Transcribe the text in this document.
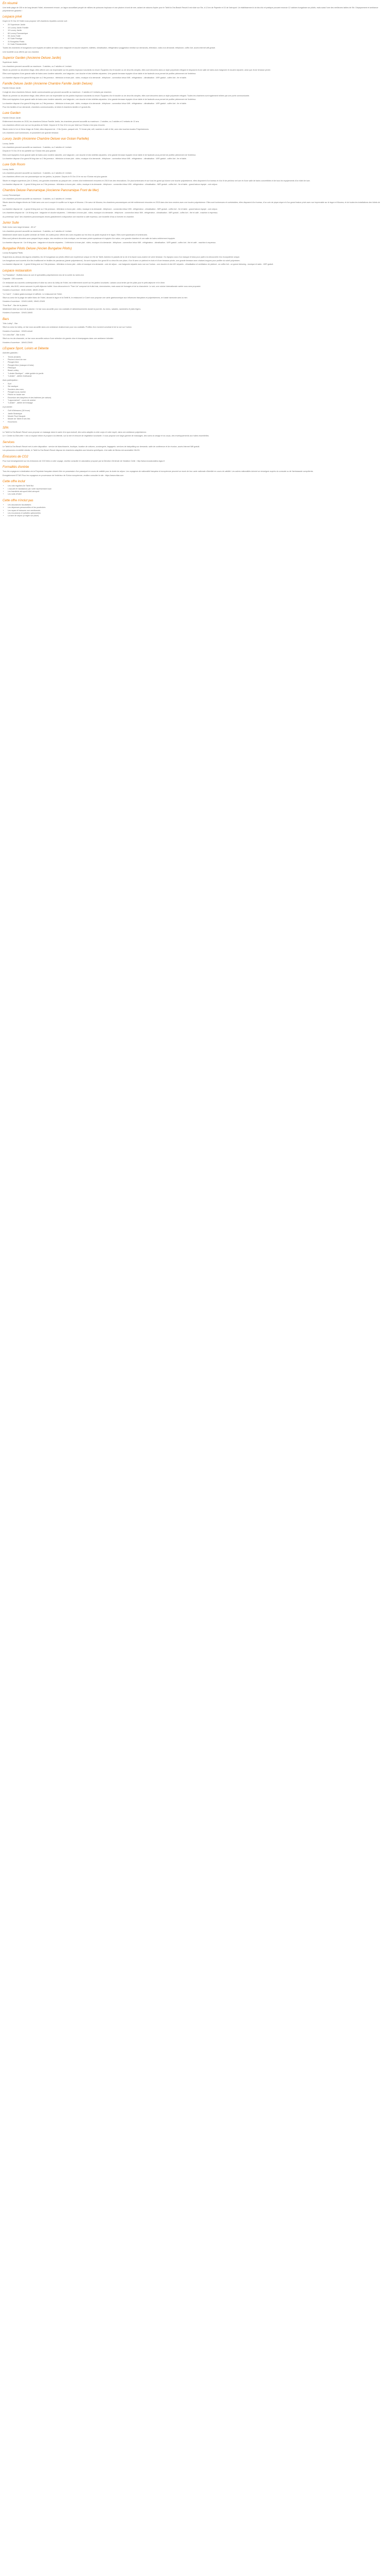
En résumé

Une belle plage de 150 m de long devant l'hôtel, récemment rénové, un lagon accueillant peuplé de milliers de poissons tropicaux et une piscine à bord de mer, autant de raisons d'opter pour le Tahiti Ia Ora Beach Resort.Il est situé sur l'île, à 12 km de Papeete et 10 de l'aéroport. Un établissement à la fois chic et pratique pouvant recevoir 12 cabines bungalows sur pilotis, mais aussi l'une des meilleures tables de l'île. Dépaysement et ambiance polynésienne garantis !

Lespace privé

Doyen le l'Il Ora 19 l'hôtel vous propose 149 chambres réparties comme suit :

• 20 Superieure Jardin
• 10 Luxury Jardin Famille
• 10 Luxury Jardin
• 60 Luxury Panoramique
• 06 Junior Suite
• 02 Suite Prestige
• 31 Bungalow Pilotis
• 01 Suite Présidentielle

Toutes les chambres et bungalows sont équipés de salles de bains avec baignoire et douche séparée, toilettes, climatisation, réfrigérateur (suggestion minibar sur demande), télévision, radio à la demande, téléphone, coffre-fort, accès internet wifi gratuit.

Une bouteille vous offerte par vos chambre.

Superior Garden (Ancienne Deluxe Jardin)

Supérieure Jardin

Les chambres peuvent accueillir au maximum : 3 adultes, ou 2 adultes et 1 enfant.

Située au premier ou deuxième étage, elles offrent une vue imprenable sur les jardins tropicaux luxuriants du resort. Équipées d'un lit double ou de deux lits simples, elles sont décorées dans un style polynésien élégant et disposent d'une salle de bains avec baignoire et douche séparée, ainsi que d'une terrasse privée.

Elles sont équipées d'une grande salle de bains avec lumière naturelle, une baignoire, une douche et des toilettes séparées. Une grande terrasse équipée d'une table et de fauteuils vous permet de profiter pleinement de l'extérieur.

La chambre dispose d'un grand lit king size ou 2 lits jumeaux - télévision à écran plat - vidéo, musique à la demande - téléphone - connection leisur Wifi - réfrigérateur - climatisation - WiFi gratuit - coffre-fort - fer et table.

Famille Deluxe Jardin (Ancienne Chambre Famille Jardin Deluxe)

Famille Deluxe Jardin

Il s'agit de deux chambres Deluxe Jardin communicantes qui peuvent accueillir au maximum : 2 adultes et 3 enfants par chambre.

Située au premier ou deuxième étage, elles offrent une vue imprenable sur les jardins tropicaux luxuriants du resort. Équipées d'un lit double ou de deux lits simples, elles sont décorées dans un style polynésien élégant. Toutes les chambres sont également reliées par une porte communicante.

Elles sont équipées d'une grande salle de bains avec lumière naturelle, une baignoire, une douche et des toilettes séparées. Une grande terrasse équipée d'une table et de fauteuils vous permet de profiter pleinement de l'extérieur.

La chambre dispose d'un grand lit king size ou 2 lits jumeaux - télévision à écran plat - vidéo, musique à la demande - téléphone - connection leisur Wifi - réfrigérateur - climatisation - WiFi gratuit - coffre-fort - fer et table.

Pour les familles et sur demande, chambres communicantes, ici idéal et chambres famille à 2 grands lits.

Luxe Garden

Famille Deluxe Jardin

Entièrement rénovées en 2015, les chambres Deluxe Famille Jardin, les chambres peuvent accueillir au maximum : 2 adultes, ou 2 adultes et 2 enfants de 12 ans.

Les chambres offrent une vue sur les jardins de l'hôtel. Depuis le l'Il Ora 19 le rez par hôtel sur l'Océan s'est plus rénovée.

Située entre le 1er et 2ème étage de l'hôtel, elles disposent de : 2 lits Queen, parquet ciré, TV écran plat, wifi, machine à café et thé, avec des touches locales Polynésiennes.

Les chambres sont lumineuses, et possèdent une grande terrasse.

Luxury Jardin (Ancienne Chambre Deluxe vue Océan Partielle)

Luxury Jardin

Les chambres peuvent accueillir au maximum : 3 adultes, ou 2 adultes et 1 enfant.

Depuis le l'Il Ora 19 le rez partielle sur l'Océan très plus grande.

Elles sont équipées d'une grande salle de bains avec lumière naturelle, une baignoire, une douche et des toilettes séparées. Une grande terrasse équipée d'une table et de fauteuils vous permet de profiter pleinement de l'extérieur.

La chambre dispose d'un grand lit king size ou 2 lits jumeaux - télévision à écran plat - vidéo, musique à la demande - téléphone - connection leisur Wifi - réfrigérateur - climatisation - WiFi gratuit - coffre-fort - fer et table.

Luxe Gdn Room

Luxury Jardin

Les chambres peuvent accueillir au maximum : 3 adultes, ou 2 adultes et 1 enfant.

Les chambres offrent une vue panoramique sur les jardins, la piscine. Depuis le l'Il Ora 19 le rez sur l'Océan est plus grande.

Située en étages supérieurs (1er & 2ème), ces grandes chambres au parquet ciré, ornées d'art entièrement rénovées en 2015 lors des rénovations. De plus lumineuses et sur tous les guest qui donne une touche polynésienne, elles disposent d'un bureau et d'un lit de pêcheur de luxe et d'une salle de bains convertibles et de tous les équipements d'un hôtel de luxe.

La chambre dispose de : 1 grand lit king size ou 2 lits jumeaux - télévision à écran plat - vidéo, musique à la demande - téléphone - connection leisur Wifi - réfrigérateur - climatisation - WiFi gratuit - coffre-fort - fer et table - grand balcon équipé - coin séjour.

Chambre Deluxe Panoramique (Ancienne Panoramique Front de Mer)

Luxury Panoramique

Les chambres peuvent accueillir au maximum : 3 adultes, ou 2 adultes et 1 enfant.

Située dans les étages élevés de l'hôtel avec une vue à couper le souffle sur le lagon et Moorea. L'île sœur de Moorea, les chambres panoramiques ont été entièrement rénovées en 2015 dans des tons neutres avec une touche polynésienne. Elles sont lumineuses et confortables, elles disposent d'un bureau, d'un coin de pique-nique et d'un grand balcon privé avec vue imprenable sur le lagon et Moorea, et de toutes les installations des hôtels de luxe.

La chambre dispose de : 1 grand lit king size ou 2 lits jumeaux - télévision à écran plat - vidéo, musique à la demande - téléphone - connection leisur Wifi - réfrigérateur - climatisation - WiFi gratuit - coffre-fort - fer et table - grand balcon équipé - coin séjour.

Les chambres dispose de : Un lit king size - baignoire et douche séparées - 1 télévision à écran plat - vidéo, musique à la demande - téléphone - connection leisur Wifi - réfrigérateur - climatisation - WiFi gratuit - coffre-fort - thé et café - machine à espresso.

Au printemps "plus" des chambres panoramiques réunis gratuitement à disposition une machine à café expresso, une bouteille d'eau à l'arrivée en chambre.

Junior Suite

Suite Junior avec large terrasse - 83 m²

Les chambres peuvent accueillir au maximum : 3 adultes, ou 2 adultes et 1 enfant.

Idéalement située dans la partie centrale de l'hôtel, les suites junior offrent des vues exquises sur les lieux du jardin tropical et le lagon. Elles sont spacieuses et lumineuses.

Elles sont joliment décorées avec parquet façon acajou, des meubles en bois exotique, une terrasse privée spacieuse et équipée d'un salon, une grande chambre et une salle de bains entièrement équipée.

La chambre dispose de : Un lit king size - baignoire et douche séparées - 1 télévision à écran plat - vidéo, musique à la demande - téléphone - connection leisur Wifi - réfrigérateur - climatisation - WiFi gratuit - coffre-fort - thé et café - machine à espresso.

Bungalow Pilotis Deluxe (Ancien Bungalow Pilotis)

Luxury Bungalow Pilotis

Suspendus au-dessus des lagons cristallins, les 32 bungalows sur pilotis offrent une expérience unique en l'île de Tahiti. Admirez le paradis de la vie et la faune sous-marine de votre terrasse. Ou équipez-vous d'un masque et tuba pour partir à la découverte d'un écosystème unique.

Les bungalows sont ouverts d'un lieu traditionnel en feuilles de pandanus (plante polynésienne). Ils sont équipés d'un grand lit ou deux lits une place, d'un lit avec un plafond en bois et d'une terrasse privée, une grande terrasse avec chaises longues pour profiter du soleil polynésien.

La chambre dispose de : 1 grand lit king size ou 2 lits jumeaux - télévision à écran plat - vidéo et musique à la demande - coin de séjour - une baignoire séparée avec vue sur l'océan - une douche et des WC séparés - climatisation et ventilateur de plafond - un coffre-fort - un grand dressing - musique et radio - WiFi gratuit.

Lespace restauration

"Le Plantation" : Buffets inclus du soir et spécialités polynésiennes lors de la soirée du week-end.

Capacité : 180 couverts.

Ce restaurant aux accents contemporains et situé au cœur du lobby de l'hôtel, est entièrement ouvert sur les jardins luxuriants. Laissez-vous tenter par les plats pour le petit-déjeuner et le dîner.

Le matin, dès 6h30, venez savourer le petit déjeuner buffet. Vous découvrirez le "Fare Ua" composé de fruits frais, viennoiseries, mais aussi de fromages et de la charcuterie. Le soir, une cuisine internationale variée vous sera proposée.

Horaires d'ouverture : 6h30-10h00, 18h00-21h00

"Le Carré" : Cuisine gastronomique et raffinée. Le restaurant de l'hôtel.

Situé au cœur de la plage de sable blanc de l'hôtel, devant le lagon et la Tahiti Iti, le restaurant Le Carré vous propose une carte gastronomique aux influences françaises et polynésiennes, en totale harmonie avec la mer.

Horaires d'ouverture : 12h00-14h00, 19h00-22h00

"Fare Bue" - Bar de la piscine

Idéalement situé au bord de la piscine. Ce bar vous accueille pour vos cocktails et rafraîchissements durant la journée. Au menu, salades, sandwichs et plats légers.

Horaires d'ouverture : 10h00-18h00

Bars

"Aito Lobby" - Bar

Situé au cœur du lobby, ce bar vous accueille dans une ambiance chaleureuse pour vos cocktails. Profitez d'un moment convivial et de la vue sur l'océan.

Horaires d'ouverture : 10h00-minuit

"Le Lotus Bar" - Bar à vins

Situé au rez-de-chaussée, ce bar vous accueille autour d'une sélection de grands vins et champagnes dans une ambiance intimiste.

Horaires d'ouverture : 18h00-23h00

LEspace Sport, Loisirs et Détente

Activités gratuites :

• Tennis (éclairé)
• Piscine à bord de mer
• Plongée libre
• Plongée libre (masque et tuba)
• Pétanque
• Beach-volley
• "Lobster Boutique" - visite guidée du jardin
• "Lobster" - atelier d'artisanat

Avec participation :

• Surf
• Ski nautique
• Scooters des mers
• Plongée sous-marine
• Pêche en haute mer
• Excursion des dauphins et des baleines (en saison)
• "Lagoonarium" - cours de cuisine
• "Lobster" - atelier de tressage

A proximité :

• Golf d'Atimaono (18 trous)
• Jardin Botanique
• Musée Paul Gauguin
• Musée de Tahiti et ses îles
• Excursions
SPA

Le Tahiti Ia Ora Beach Resort vous propose un massage dans le cadre d'un spa exclusif, des soins adaptés à votre corps et votre esprit, dans une ambiance polynésienne.

Le « Centre du Bien-être » est un espace intime et propice à la détente, sur la mer et entouré de végétation luxuriante. Il vous propose une large gamme de massages, des soins du visage et du corps, des enveloppements aux huiles essentielles.

Services

Le Tahiti Ia Ora Beach Resort met à votre disposition : service de blanchisserie, boutique, location de voitures, conciergerie, bagagerie, services de babysitting sur demande, salle de conférence et de réunion, accès Internet Wifi gratuit.

Les personnes à mobilité réduite, le Tahiti Ia Ora Beach Resort dispose de chambres adaptées aux besoins spécifiques. Une salle de fitness est accessible 24h/24.

Émissions de CO2

Pour tout renseignement sur les émissions de CO2 liées à votre voyage, veuillez consulter le calculateur proposé par la Direction Générale de l'Aviation Civile : http://www.ecocalculateur.dgac.fr

Formalités d'entrée

Tous les voyageurs à destination de la Polynésie française doivent être en possession d'un passeport en cours de validité pour la durée du séjour. Les voyageurs de nationalité française et européenne peuvent se munir de leur carte nationale d'identité en cours de validité. Les autres nationalités doivent se renseigner auprès du consulat ou de l'ambassade compétents.

Enregistrement ETIAS Pour les voyageurs en provenance de l'extérieur de l'Union européenne, veuillez consulter le site : https://www.etias.com

Cette offre inclut
• Les vols réguliers Air Tahiti Nui
• L'accueil et l'assistance par notre représentant local
• Les transferts aéroport-hôtel-aéroport
• Les nuits d'hôtel
Cette offre n'inclut pas
• Les assurances facultatives
• Les dépenses personnelles et les pourboires
• Les repas et boissons non mentionnés
• Les excursions et activités optionnelles
• La taxe de séjour (à régler sur place)
